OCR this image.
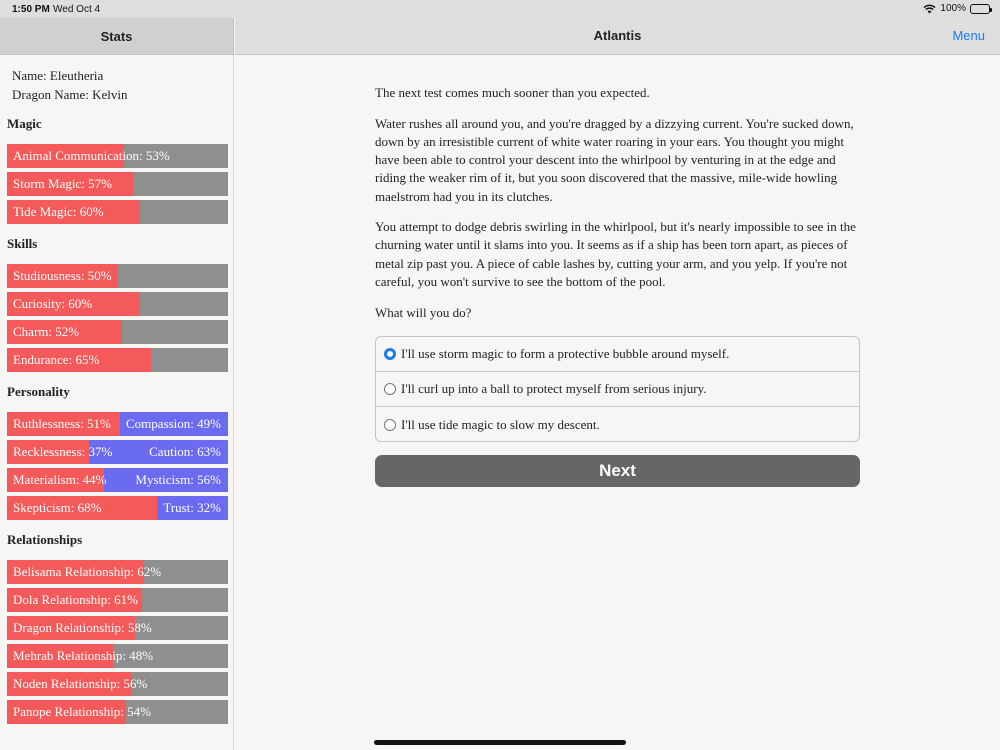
1:50 PM Wed Oct 4	100%
Stats	Atlantis	Menu
Name: Eleutheria
Dragon Name: Kelvin
Magic
Animal Communication: 53%
Storm Magic: 57%
Tide Magic: 60%
Skills
Studiousness: 50%
Curiosity: 60%
Charm: 52%
Endurance: 65%
Personality
Ruthlessness: 51% Compassion: 49%
Recklessness: 37%	Caution: 63%
Materialism: 44% Mysticism: 56%
Skepticism: 68%	Trust: 32%
Relationships
Belisama Relationship: 62%
Dola Relationship: 61%
Dragon Relationship: 58%
Mehrab Relationship: 48%
Noden Relationship: 56%
Panope Relationship: 54%

The next test comes much sooner than you expected.

Water rushes all around you, and you're dragged by a dizzying current. You're sucked down, down by an irresistible current of white water roaring in your ears. You thought you might have been able to control your descent into the whirlpool by venturing in at the edge and riding the weaker rim of it, but you soon discovered that the massive, mile-wide howling maelstrom had you in its clutches.

You attempt to dodge debris swirling in the whirlpool, but it's nearly impossible to see in the churning water until it slams into you. It seems as if a ship has been torn apart, as pieces of metal zip past you. A piece of cable lashes by, cutting your arm, and you yelp. If you're not careful, you won't survive to see the bottom of the pool.

What will you do?

I'll use storm magic to form a protective bubble around myself.
I'll curl up into a ball to protect myself from serious injury.
I'll use tide magic to slow my descent.
Next
